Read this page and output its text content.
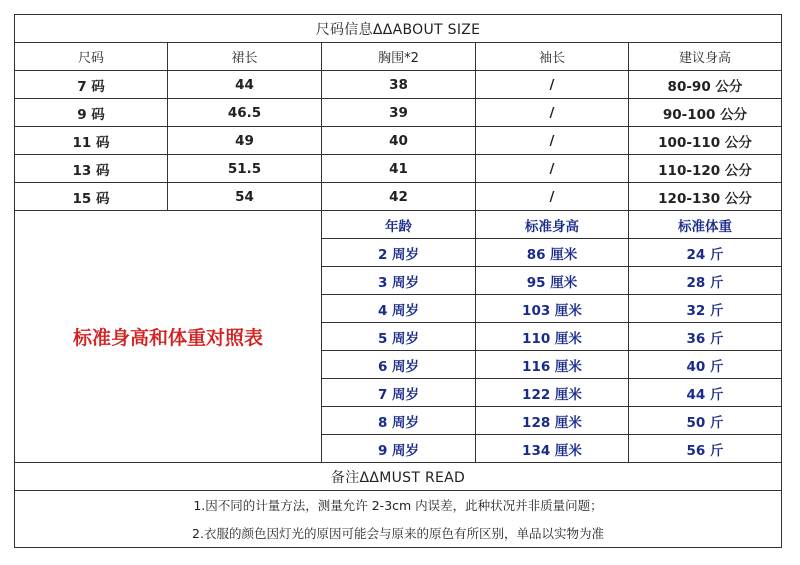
尺码信息ΔΔABOUT SIZE				
尺码	裙长	胸围*2	袖长	建议身高
7 码	44	38	/	80-90 公分
9 码	46.5	39	/	90-100 公分
11 码	49	40	/	100-110 公分
13 码	51.5	41	/	110-120 公分
15 码	54	42	/	120-130 公分
标准身高和体重对照表		年龄	标准身高	标准体重
		2 周岁	86 厘米	24 斤
		3 周岁	95 厘米	28 斤
		4 周岁	103 厘米	32 斤
		5 周岁	110 厘米	36 斤
		6 周岁	116 厘米	40 斤
		7 周岁	122 厘米	44 斤
		8 周岁	128 厘米	50 斤
		9 周岁	134 厘米	56 斤
备注ΔΔMUST READ				
1.因不同的计量方法，测量允许 2-3cm 内误差，此种状况并非质量问题；				
2.衣服的颜色因灯光的原因可能会与原来的原色有所区别，单品以实物为准				
